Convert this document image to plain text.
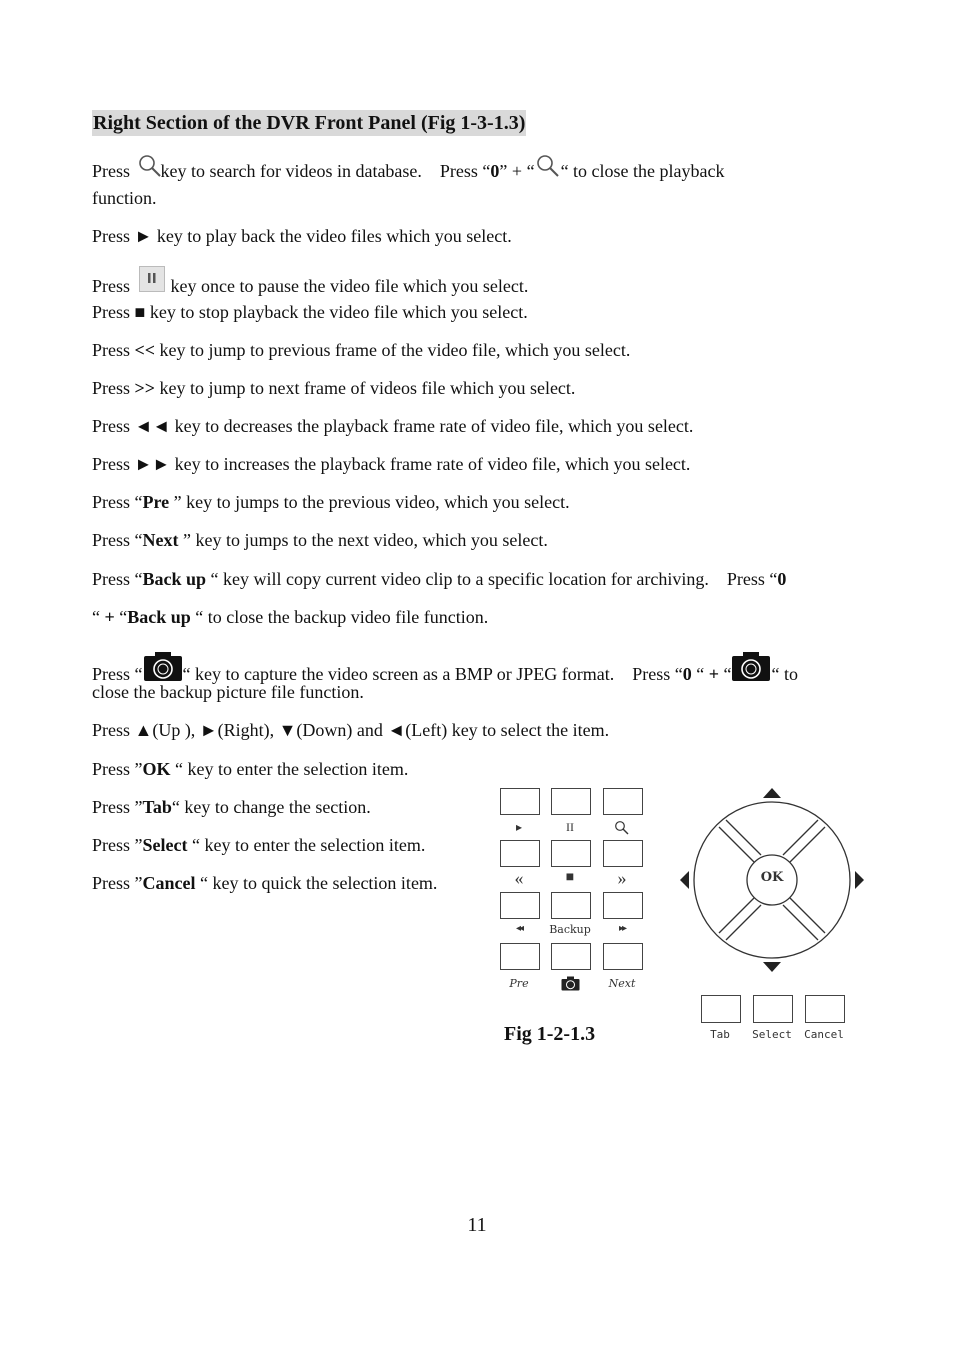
Right Section of the DVR Front Panel (Fig 1-3-1.3)
Press key to search for videos in database.    Press “0” + “ “ to close the playback
function.
Press ► key to play back the video files which you select.
Press key once to pause the video file which you select.
Press ■ key to stop playback the video file which you select.
Press << key to jump to previous frame of the video file, which you select.
Press >> key to jump to next frame of videos file which you select.
Press ◄◄ key to decreases the playback frame rate of video file, which you select.
Press ►► key to increases the playback frame rate of video file, which you select.
Press “Pre ” key to jumps to the previous video, which you select.
Press “Next ” key to jumps to the next video, which you select.
Press “Back up “ key will copy current video clip to a specific location for archiving.    Press “0
“ + “Back up “ to close the backup video file function.
Press “ “ key to capture the video screen as a BMP or JPEG format.    Press “0 “ + “ “ to
close the backup picture file function.
Press ▲(Up ), ►(Right), ▼(Down) and ◄(Left) key to select the item.
Press ”OK “ key to enter the selection item.
Press ”Tab“ key to change the section.
Press ”Select “ key to enter the selection item.
Press ”Cancel “ key to quick the selection item.
▸	II
«	■	»
◂◂	Backup	▸▸
Pre	Next
OK
Tab	Select	Cancel
Fig 1-2-1.3
11
